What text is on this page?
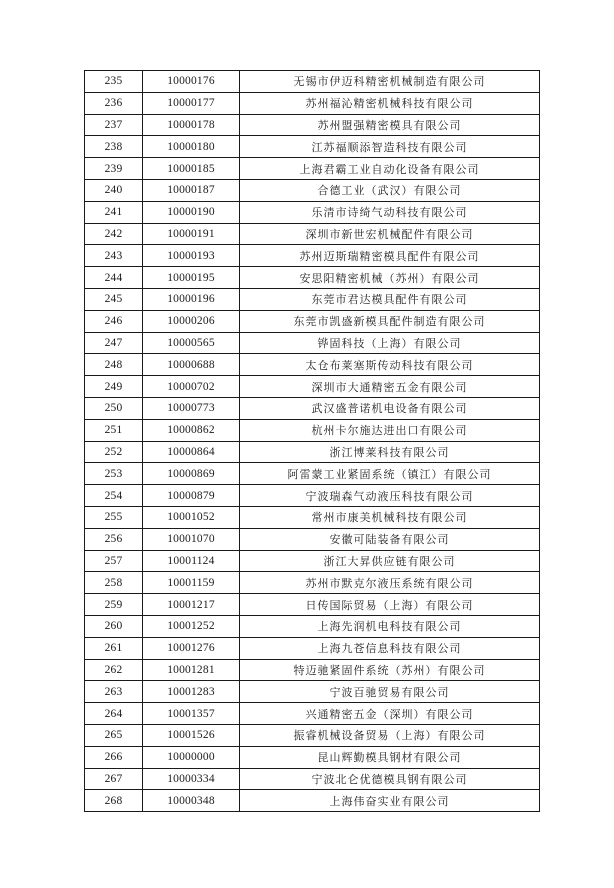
235	10000176	无锡市伊迈科精密机械制造有限公司
236	10000177	苏州福沁精密机械科技有限公司
237	10000178	苏州盟强精密模具有限公司
238	10000180	江苏福顺添智造科技有限公司
239	10000185	上海君霸工业自动化设备有限公司
240	10000187	合德工业（武汉）有限公司
241	10000190	乐清市诗绮气动科技有限公司
242	10000191	深圳市新世宏机械配件有限公司
243	10000193	苏州迈斯瑞精密模具配件有限公司
244	10000195	安思阳精密机械（苏州）有限公司
245	10000196	东莞市君达模具配件有限公司
246	10000206	东莞市凯盛新模具配件制造有限公司
247	10000565	铧固科技（上海）有限公司
248	10000688	太仓布莱塞斯传动科技有限公司
249	10000702	深圳市大通精密五金有限公司
250	10000773	武汉盛普诺机电设备有限公司
251	10000862	杭州卡尔施达进出口有限公司
252	10000864	浙江博莱科技有限公司
253	10000869	阿雷蒙工业紧固系统（镇江）有限公司
254	10000879	宁波瑞森气动液压科技有限公司
255	10001052	常州市康美机械科技有限公司
256	10001070	安徽可陆装备有限公司
257	10001124	浙江大昇供应链有限公司
258	10001159	苏州市默克尔液压系统有限公司
259	10001217	日传国际贸易（上海）有限公司
260	10001252	上海先润机电科技有限公司
261	10001276	上海九苍信息科技有限公司
262	10001281	特迈驰紧固件系统（苏州）有限公司
263	10001283	宁波百驰贸易有限公司
264	10001357	兴通精密五金（深圳）有限公司
265	10001526	振睿机械设备贸易（上海）有限公司
266	10000000	昆山辉勤模具钢材有限公司
267	10000334	宁波北仑优德模具钢有限公司
268	10000348	上海伟奋实业有限公司
